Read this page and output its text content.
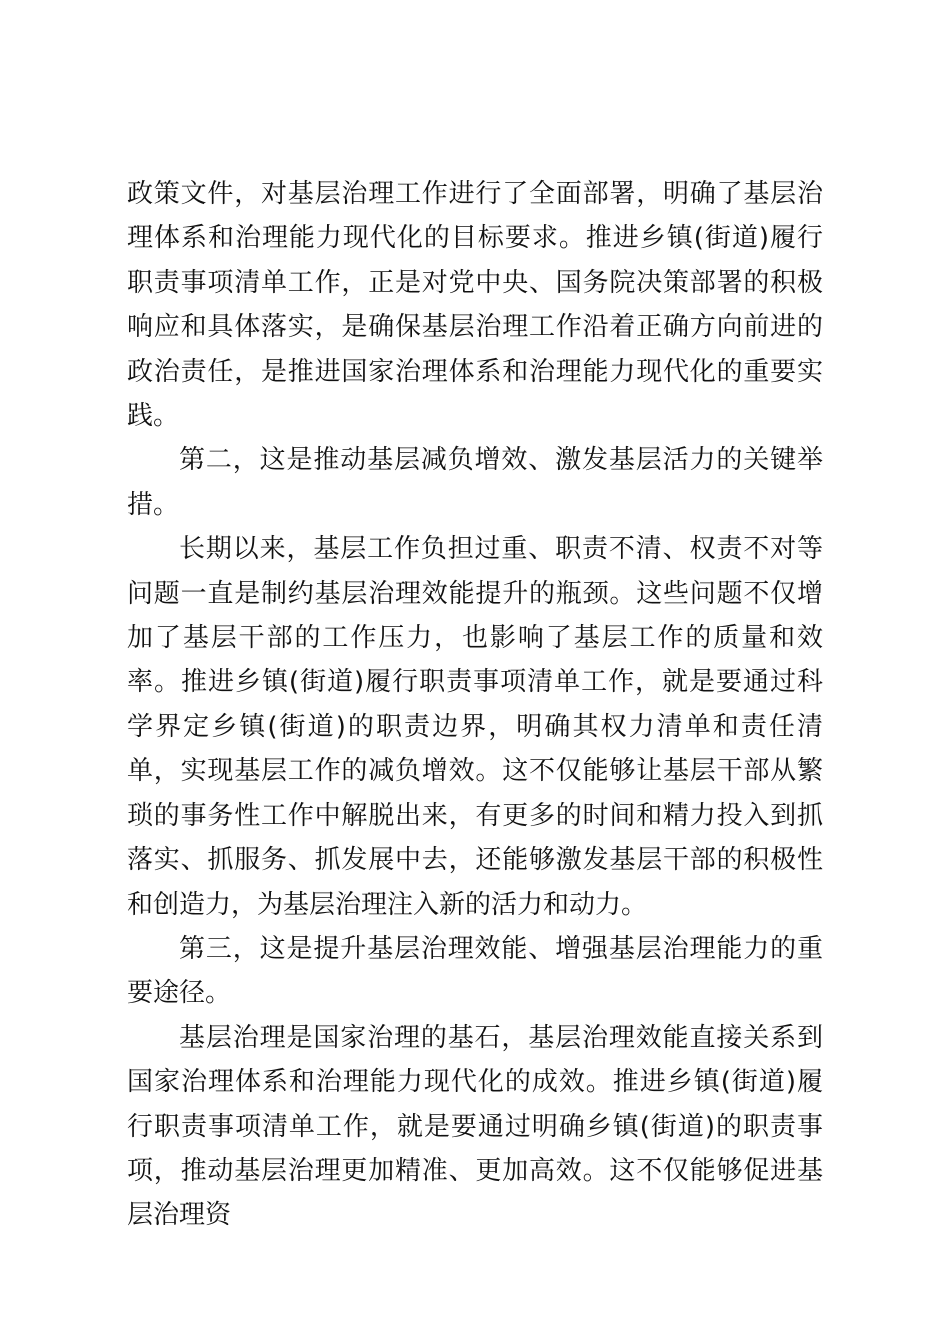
政策文件，对基层治理工作进行了全面部署，明确了基层治理体系和治理能力现代化的目标要求。推进乡镇(街道)履行职责事项清单工作，正是对党中央、国务院决策部署的积极响应和具体落实，是确保基层治理工作沿着正确方向前进的政治责任，是推进国家治理体系和治理能力现代化的重要实践。

第二，这是推动基层减负增效、激发基层活力的关键举措。

长期以来，基层工作负担过重、职责不清、权责不对等问题一直是制约基层治理效能提升的瓶颈。这些问题不仅增加了基层干部的工作压力，也影响了基层工作的质量和效率。推进乡镇(街道)履行职责事项清单工作，就是要通过科学界定乡镇(街道)的职责边界，明确其权力清单和责任清单，实现基层工作的减负增效。这不仅能够让基层干部从繁琐的事务性工作中解脱出来，有更多的时间和精力投入到抓落实、抓服务、抓发展中去，还能够激发基层干部的积极性和创造力，为基层治理注入新的活力和动力。

第三，这是提升基层治理效能、增强基层治理能力的重要途径。

基层治理是国家治理的基石，基层治理效能直接关系到国家治理体系和治理能力现代化的成效。推进乡镇(街道)履行职责事项清单工作，就是要通过明确乡镇(街道)的职责事项，推动基层治理更加精准、更加高效。这不仅能够促进基层治理资
